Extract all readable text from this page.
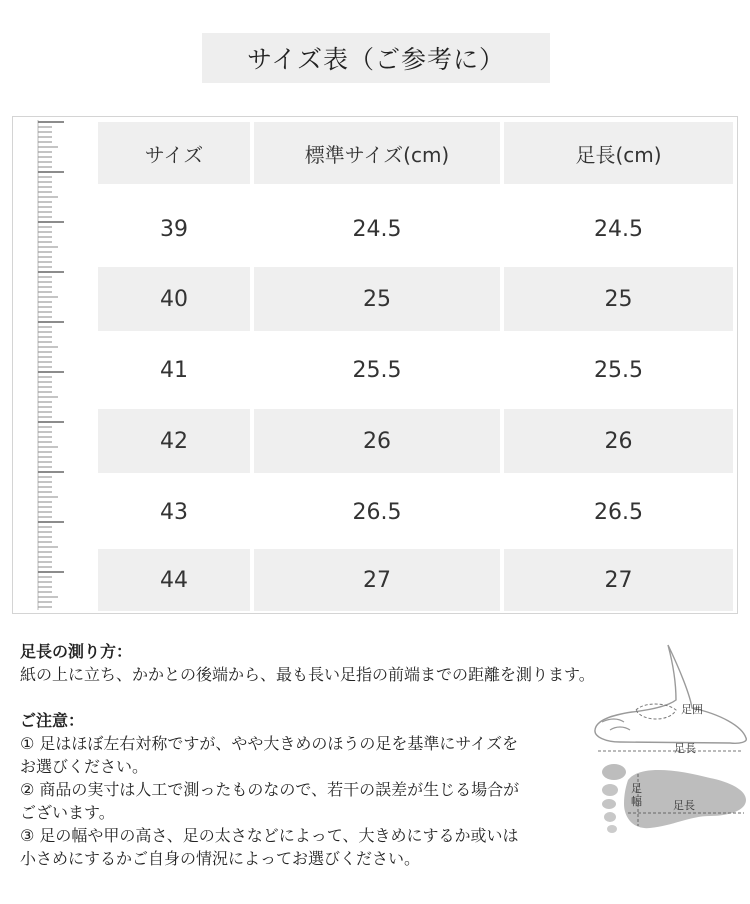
サイズ表（ご参考に）
サイズ	標準サイズ(cm)	足長(cm)
39	24.5	24.5
40	25	25
41	25.5	25.5
42	26	26
43	26.5	26.5
44	27	27
足長の測り方：
紙の上に立ち、かかとの後端から、最も長い足指の前端までの距離を測ります。
ご注意：
① 足はほぼ左右対称ですが、やや大きめのほうの足を基準にサイズを
お選びください。
② 商品の実寸は人工で測ったものなので、若干の誤差が生じる場合が
ございます。
③ 足の幅や甲の高さ、足の太さなどによって、大きめにするか或いは
小さめにするかご自身の情況によってお選びください。
足囲
足長
足幅	足長
